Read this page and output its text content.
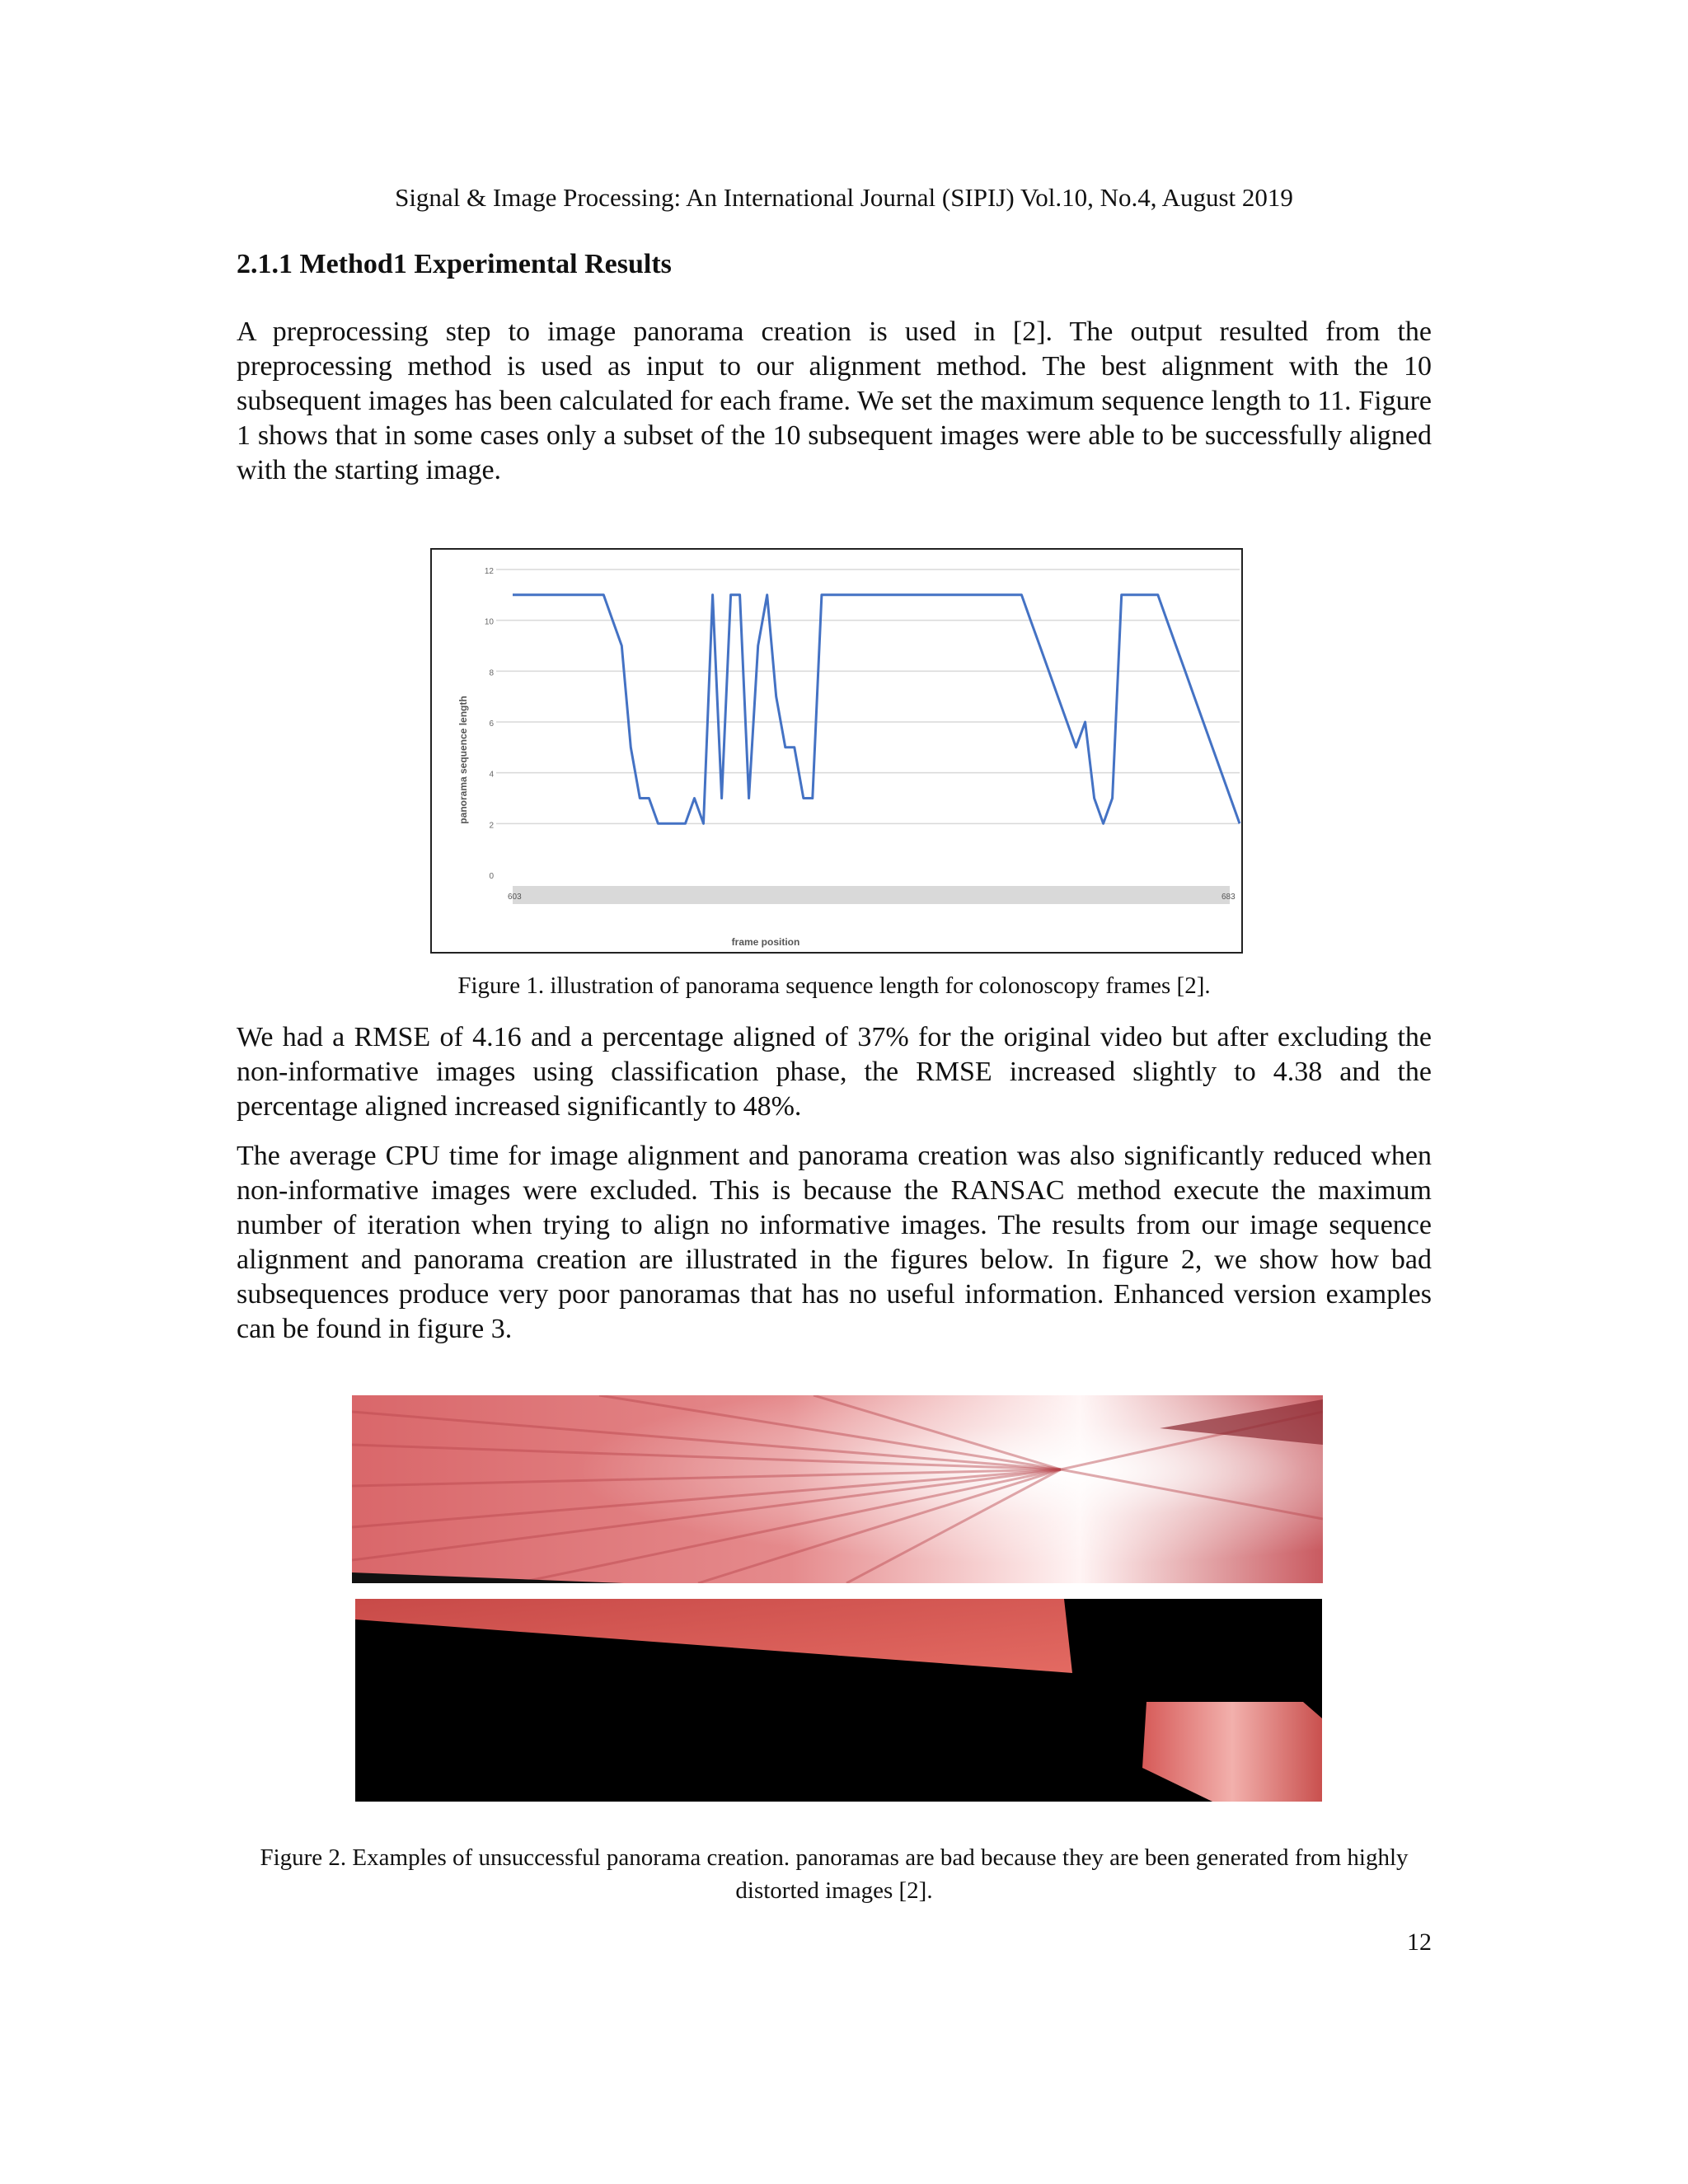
Signal & Image Processing: An International Journal (SIPIJ) Vol.10, No.4, August 2019
2.1.1 Method1 Experimental Results
A preprocessing step to image panorama creation is used in [2]. The output resulted from the preprocessing method is used as input to our alignment method. The best alignment with the 10 subsequent images has been calculated for each frame. We set the maximum sequence length to 11. Figure 1 shows that in some cases only a subset of the 10 subsequent images were able to be successfully aligned with the starting image.
0
2
4
6
8
10
12
603	683
frame position
panorama sequence length
Figure 1. illustration of panorama sequence length for colonoscopy frames [2].
We had a RMSE of 4.16 and a percentage aligned of 37% for the original video but after excluding the non-informative images using classification phase, the RMSE increased slightly to 4.38 and the percentage aligned increased significantly to 48%.
The average CPU time for image alignment and panorama creation was also significantly reduced when non-informative images were excluded. This is because the RANSAC method execute the maximum number of iteration when trying to align no informative images. The results from our image sequence alignment and panorama creation are illustrated in the figures below. In figure 2, we show how bad subsequences produce very poor panoramas that has no useful information. Enhanced version examples can be found in figure 3.
Figure 2. Examples of unsuccessful panorama creation. panoramas are bad because they are been generated from highly distorted images [2].
12
